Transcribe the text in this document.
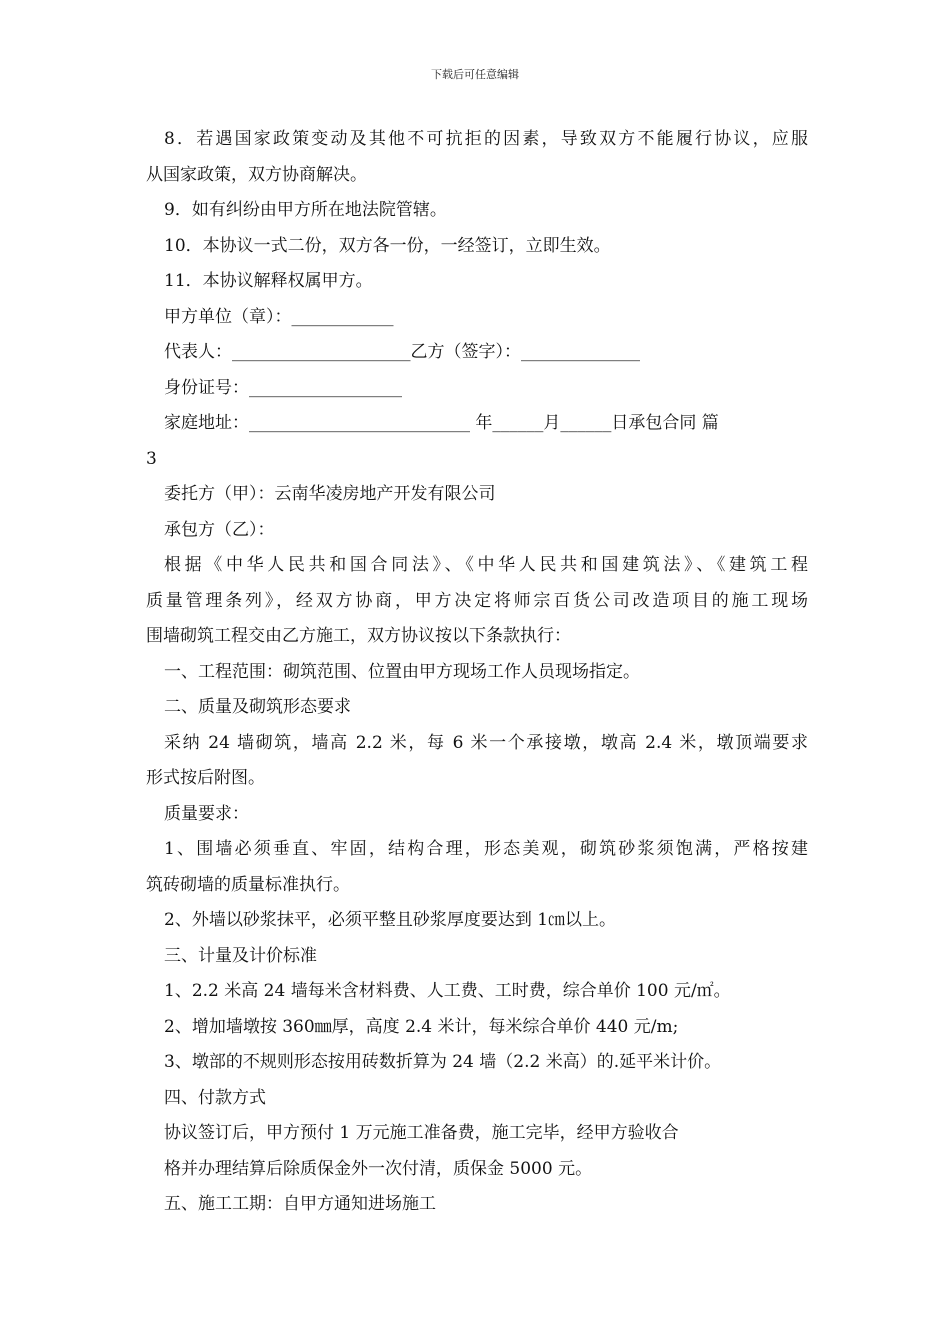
下载后可任意编辑
8．若遇国家政策变动及其他不可抗拒的因素，导致双方不能履行协议，应服
从国家政策，双方协商解决。
9．如有纠纷由甲方所在地法院管辖。
10．本协议一式二份，双方各一份，一经签订，立即生效。
11．本协议解释权属甲方。
甲方单位（章）：____________
代表人：_____________________乙方（签字）：______________
身份证号：__________________
家庭地址：__________________________ 年______月______日承包合同 篇
3
委托方（甲）：云南华凌房地产开发有限公司
承包方（乙）：
根据《中华人民共和国合同法》、《中华人民共和国建筑法》、《建筑工程
质量管理条列》，经双方协商，甲方决定将师宗百货公司改造项目的施工现场
围墙砌筑工程交由乙方施工，双方协议按以下条款执行：
一、工程范围：砌筑范围、位置由甲方现场工作人员现场指定。
二、质量及砌筑形态要求
采纳 24 墙砌筑，墙高 2.2 米，每 6 米一个承接墩，墩高 2.4 米，墩顶端要求
形式按后附图。
质量要求：
1、围墙必须垂直、牢固，结构合理，形态美观，砌筑砂浆须饱满，严格按建
筑砖砌墙的质量标准执行。
2、外墙以砂浆抹平，必须平整且砂浆厚度要达到 1㎝以上。
三、计量及计价标准
1、2.2 米高 24 墙每米含材料费、人工费、工时费，综合单价 100 元/㎡。
2、增加墙墩按 360㎜厚，高度 2.4 米计，每米综合单价 440 元/m;
3、墩部的不规则形态按用砖数折算为 24 墙（2.2 米高）的.延平米计价。
四、付款方式
协议签订后，甲方预付 1 万元施工准备费，施工完毕，经甲方验收合
格并办理结算后除质保金外一次付清，质保金 5000 元。
五、施工工期：自甲方通知进场施工
